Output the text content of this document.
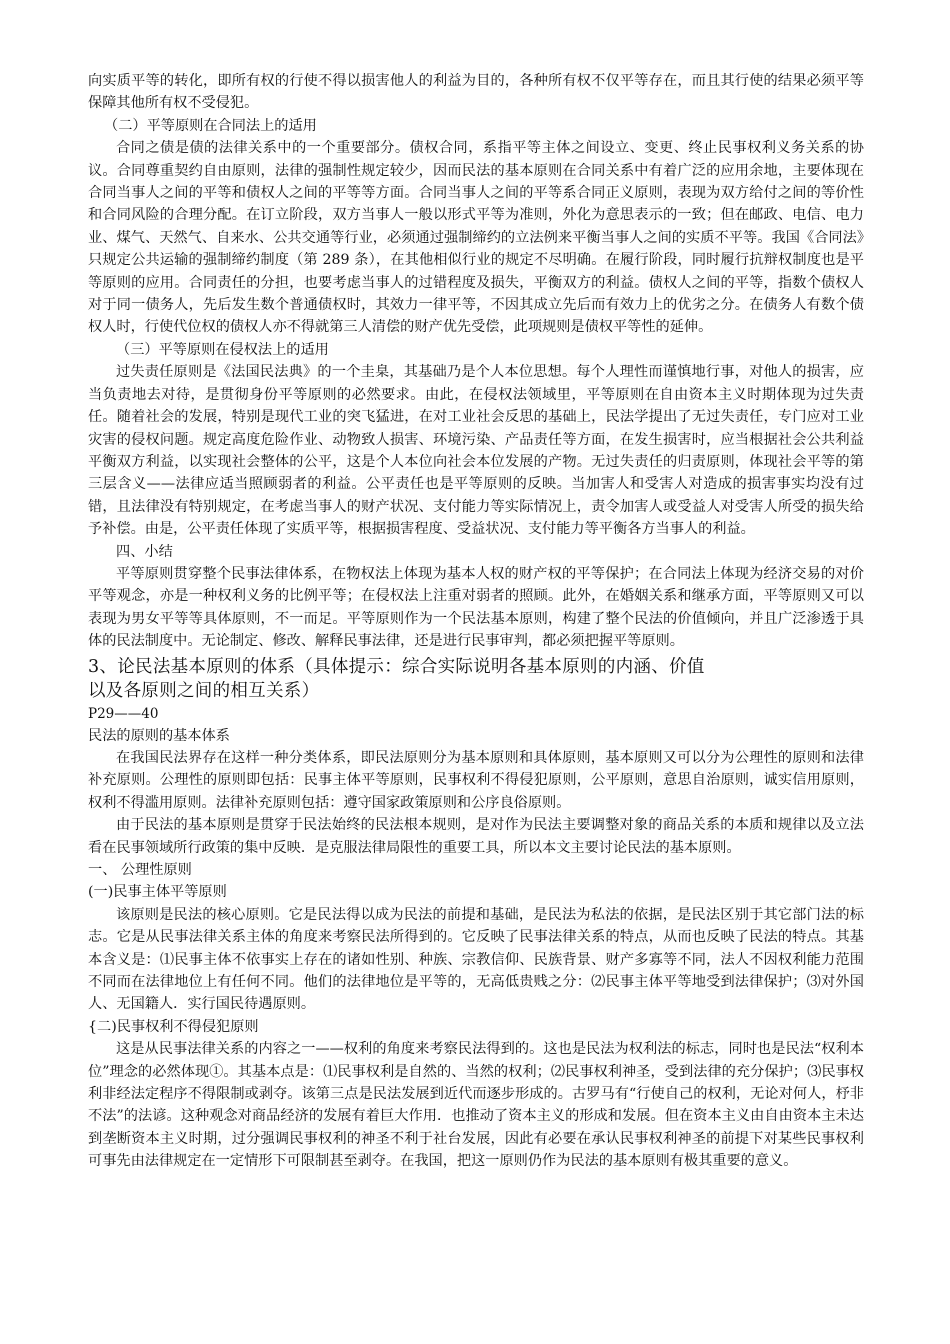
向实质平等的转化，即所有权的行使不得以损害他人的利益为目的，各种所有权不仅平等存在，而且其行使的结果必须平等保障其他所有权不受侵犯。

（二）平等原则在合同法上的适用

合同之债是债的法律关系中的一个重要部分。债权合同，系指平等主体之间设立、变更、终止民事权利义务关系的协议。合同尊重契约自由原则，法律的强制性规定较少，因而民法的基本原则在合同关系中有着广泛的应用余地，主要体现在合同当事人之间的平等和债权人之间的平等等方面。合同当事人之间的平等系合同正义原则，表现为双方给付之间的等价性和合同风险的合理分配。在订立阶段，双方当事人一般以形式平等为准则，外化为意思表示的一致；但在邮政、电信、电力业、煤气、天然气、自来水、公共交通等行业，必须通过强制缔约的立法例来平衡当事人之间的实质不平等。我国《合同法》只规定公共运输的强制缔约制度（第 289 条），在其他相似行业的规定不尽明确。在履行阶段，同时履行抗辩权制度也是平等原则的应用。合同责任的分担，也要考虑当事人的过错程度及损失，平衡双方的利益。债权人之间的平等，指数个债权人对于同一债务人，先后发生数个普通债权时，其效力一律平等，不因其成立先后而有效力上的优劣之分。在债务人有数个债权人时，行使代位权的债权人亦不得就第三人清偿的财产优先受偿，此项规则是债权平等性的延伸。

（三）平等原则在侵权法上的适用

过失责任原则是《法国民法典》的一个圭臬，其基础乃是个人本位思想。每个人理性而谨慎地行事，对他人的损害，应当负责地去对待，是贯彻身份平等原则的必然要求。由此，在侵权法领域里，平等原则在自由资本主义时期体现为过失责任。随着社会的发展，特别是现代工业的突飞猛进，在对工业社会反思的基础上，民法学提出了无过失责任，专门应对工业灾害的侵权问题。规定高度危险作业、动物致人损害、环境污染、产品责任等方面，在发生损害时，应当根据社会公共利益平衡双方利益，以实现社会整体的公平，这是个人本位向社会本位发展的产物。无过失责任的归责原则，体现社会平等的第三层含义——法律应适当照顾弱者的利益。公平责任也是平等原则的反映。当加害人和受害人对造成的损害事实均没有过错，且法律没有特别规定，在考虑当事人的财产状况、支付能力等实际情况上，责令加害人或受益人对受害人所受的损失给予补偿。由是，公平责任体现了实质平等，根据损害程度、受益状况、支付能力等平衡各方当事人的利益。

四、小结

平等原则贯穿整个民事法律体系，在物权法上体现为基本人权的财产权的平等保护；在合同法上体现为经济交易的对价平等观念，亦是一种权利义务的比例平等；在侵权法上注重对弱者的照顾。此外，在婚姻关系和继承方面，平等原则又可以表现为男女平等等具体原则，不一而足。平等原则作为一个民法基本原则，构建了整个民法的价值倾向，并且广泛渗透于具体的民法制度中。无论制定、修改、解释民事法律，还是进行民事审判，都必须把握平等原则。

3、论民法基本原则的体系（具体提示：综合实际说明各基本原则的内涵、价值

以及各原则之间的相互关系）

P29——40

民法的原则的基本体系

在我国民法界存在这样一种分类体系，即民法原则分为基本原则和具体原则，基本原则又可以分为公理性的原则和法律补充原则。公理性的原则即包括：民事主体平等原则，民事权利不得侵犯原则，公平原则，意思自治原则，诚实信用原则，权利不得滥用原则。法律补充原则包括：遵守国家政策原则和公序良俗原则。

由于民法的基本原则是贯穿于民法始终的民法根本规则，是对作为民法主要调整对象的商品关系的本质和规律以及立法看在民事领域所行政策的集中反映．是克服法律局限性的重要工具，所以本文主要讨论民法的基本原则。

一、 公理性原则

(一)民事主体平等原则

该原则是民法的核心原则。它是民法得以成为民法的前提和基础，是民法为私法的依据，是民法区别于其它部门法的标志。它是从民事法律关系主体的角度来考察民法所得到的。它反映了民事法律关系的特点，从而也反映了民法的特点。其基本含义是：⑴民事主体不依事实上存在的诸如性别、种族、宗教信仰、民族背景、财产多寡等不同，法人不因权利能力范围不同而在法律地位上有任何不同。他们的法律地位是平等的，无高低贵贱之分：⑵民事主体平等地受到法律保护；⑶对外国人、无国籍人．实行国民待遇原则。

{二)民事权利不得侵犯原则

这是从民事法律关系的内容之一——权利的角度来考察民法得到的。这也是民法为权利法的标志，同时也是民法“权利本位”理念的必然体现①。其基本点是：⑴民事权利是自然的、当然的权利；⑵民事权利神圣，受到法律的充分保护；⑶民事权利非经法定程序不得限制或剥夺。该第三点是民法发展到近代而逐步形成的。古罗马有“行使自己的权利，无论对何人，杼非不法”的法谚。这种观念对商品经济的发展有着巨大作用．也推动了资本主义的形成和发展。但在资本主义由自由资本主未达到垄断资本主义时期，过分强调民事权利的神圣不利于社台发展，因此有必要在承认民事权利神圣的前提下对某些民事权利可事先由法律规定在一定情形下可限制甚至剥夺。在我国，把这一原则仍作为民法的基本原则有极其重要的意义。
